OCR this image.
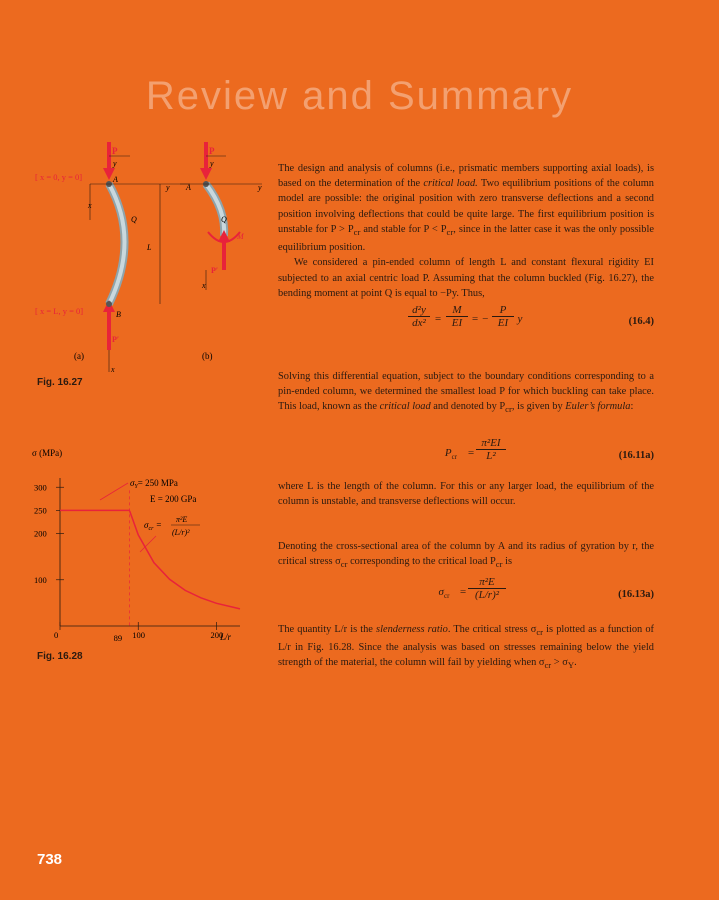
Review and Summary
P	P
[ x = 0, y = 0]
[ x = L, y = 0]
y	y
A
A
y	y
x
Q	Q
M
L
P′
x
B
P′
(a)	(b)
x
Fig. 16.27
σ (MPa)
L/r
$\sigma_Y= 250$ MPa
E = 200 GPa
$\sigma_{cr}$ =
π²E
(L/r)²
300
250
200
100
0	100	200
89
Fig. 16.28

The design and analysis of columns (i.e., prismatic members supporting axial loads), is based on the determination of the critical load. Two equilibrium positions of the column model are possible: the original position with zero transverse deflections and a second position involving deflections that could be quite large. The first equilibrium position is unstable for $P > P_{cr}$ and stable for $P < P_{cr}$, since in the latter case it was the only possible equilibrium position.

We considered a pin-ended column of length L and constant flexural rigidity EI subjected to an axial centric load P. Assuming that the column buckled (Fig. 16.27), the bending moment at point Q is equal to −Py. Thus,

$\frac{\text{d²y}}{\text{dx²}} = \frac{M}{EI}$ = − $\frac{P}{EI}$ y	(16.4)

Solving this differential equation, subject to the boundary conditions corresponding to a pin-ended column, we determined the smallest load P for which buckling can take place. This load, known as the critical load and denoted by $P_{cr}$, is given by Euler’s formula:

$P_{cr} = \frac{\text{π²EI}}{\text{L²}}$	(16.11a)
where L is the length of the column. For this or any larger load, the equilibrium of the column is unstable, and transverse deflections will occur.

Denoting the cross-sectional area of the column by A and its radius of gyration by r, the critical stress $\sigma_{cr}$ corresponding to the critical load $P_{cr}$ is

$\sigma_{cr} = \frac{\text{π²E}}{\text{(L/r)²}}$	(16.13a)

The quantity L/r is the slenderness ratio. The critical stress $\sigma_{cr}$ is plotted as a function of L/r in Fig. 16.28. Since the analysis was based on stresses remaining below the yield strength of the material, the column will fail by yielding when $\sigma_{cr} > \sigma_Y$.

738
